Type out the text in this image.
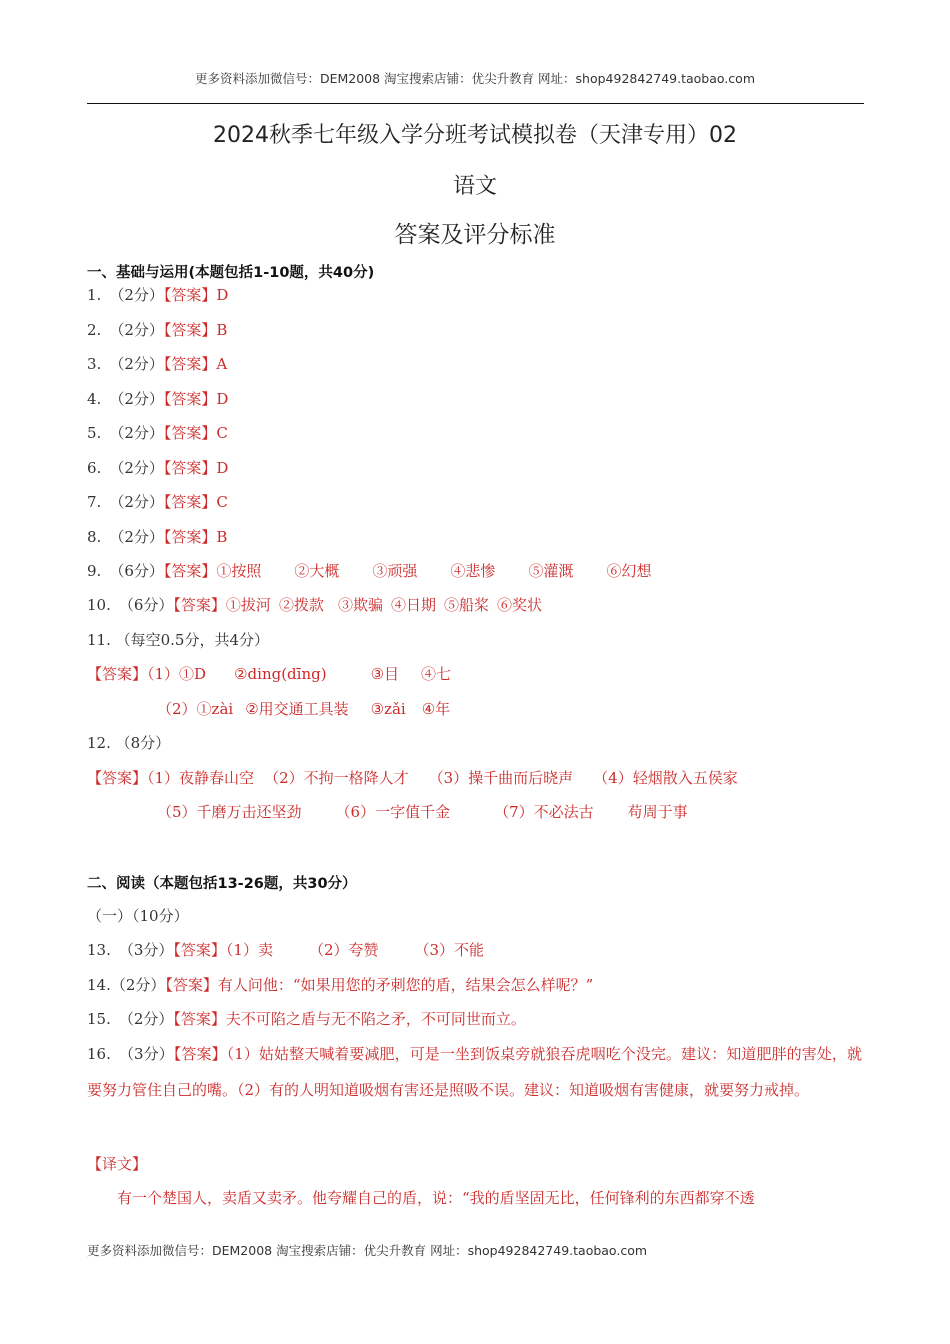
更多资料添加微信号：DEM2008 淘宝搜索店铺：优尖升教育 网址：shop492842749.taobao.com
2024秋季七年级入学分班考试模拟卷（天津专用）02
语文
答案及评分标准
一、基础与运用(本题包括1-10题，共40分)
1. （2分）【答案】D
2. （2分）【答案】B
3. （2分）【答案】A
4. （2分）【答案】D
5. （2分）【答案】C
6. （2分）【答案】D
7. （2分）【答案】C
8. （2分）【答案】B
9. （6分）【答案】①按照 ②大概 ③顽强 ④悲惨 ⑤灌溉 ⑥幻想
10. （6分）【答案】①拔河 ②拨款 ③欺骗 ④日期 ⑤船桨 ⑥奖状
11. （每空0.5分，共4分）
【答案】（1）①D ②ding(dīng)	③目 ④七
（2）①zài ②用交通工具装 ③zǎi ④年
12. （8分）
【答案】（1）夜静春山空 （2）不拘一格降人才 （3）操千曲而后晓声 （4）轻烟散入五侯家
（5）千磨万击还坚劲 （6）一字值千金	（7）不必法古 苟周于事
二、阅读（本题包括13-26题，共30分）
（一）（10分）
13. （3分）【答案】（1）卖 （2）夸赞 （3）不能
14.（2分）【答案】有人问他：“如果用您的矛刺您的盾，结果会怎么样呢？”
15. （2分）【答案】夫不可陷之盾与无不陷之矛，不可同世而立。
16. （3分）【答案】（1）姑姑整天喊着要减肥，可是一坐到饭桌旁就狼吞虎咽吃个没完。建议：知道肥胖的害处，就要努力管住自己的嘴。（2）有的人明知道吸烟有害还是照吸不误。建议：知道吸烟有害健康，就要努力戒掉。
【译文】
有一个楚国人，卖盾又卖矛。他夸耀自己的盾，说：“我的盾坚固无比，任何锋利的东西都穿不透
更多资料添加微信号：DEM2008 淘宝搜索店铺：优尖升教育 网址：shop492842749.taobao.com
